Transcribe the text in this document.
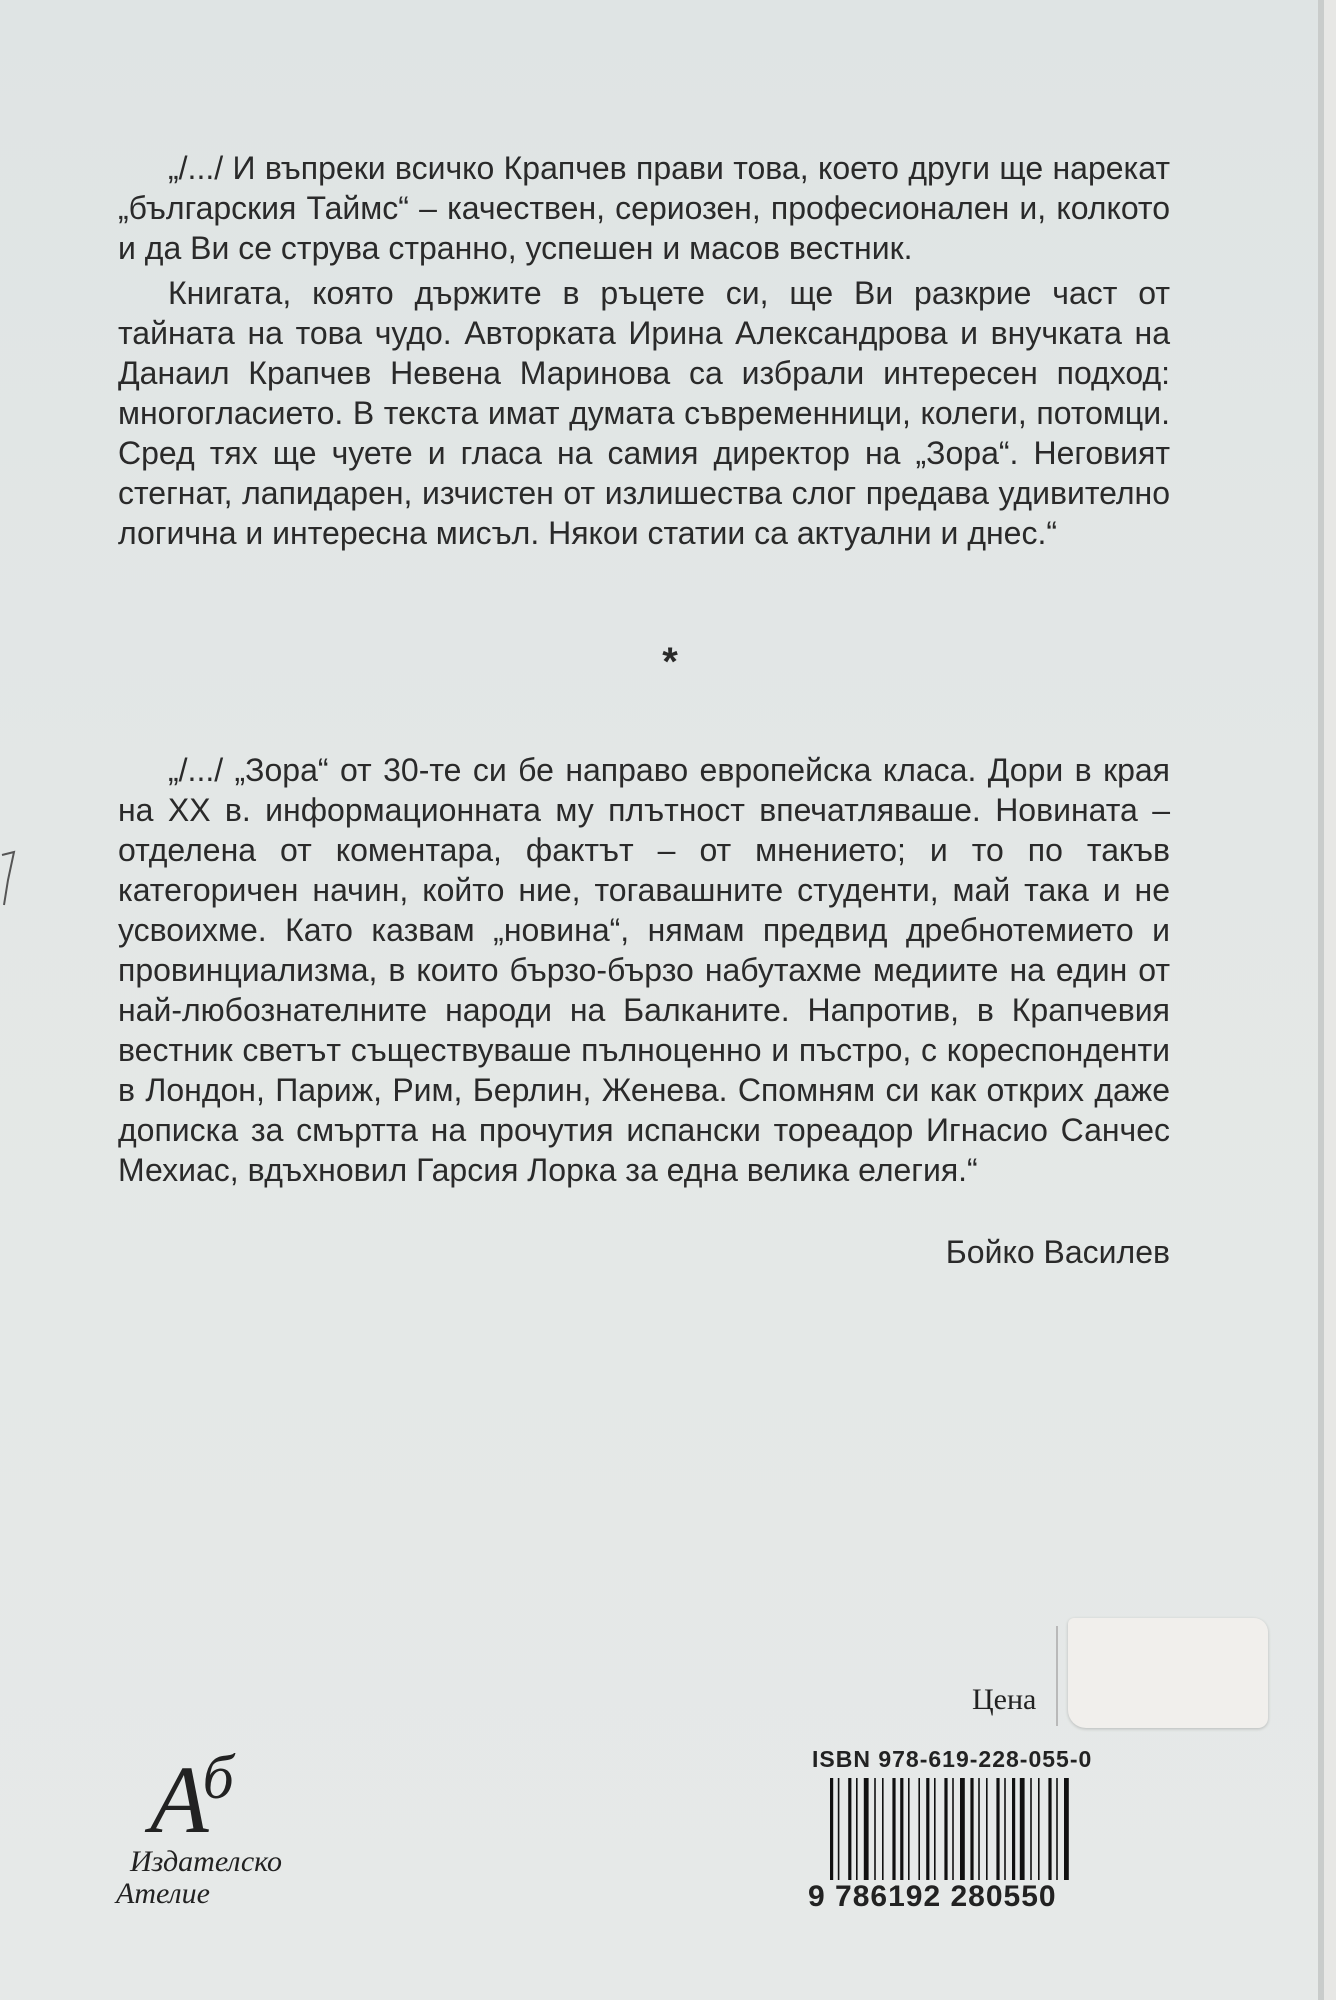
„/.../ И въпреки всичко Крапчев прави това, което други ще нарекат „българския Таймс“ – качествен, сериозен, професионален и, колкото и да Ви се струва странно, успешен и масов вестник.

Книгата, която държите в ръцете си, ще Ви разкрие част от тайната на това чудо. Авторката Ирина Александрова и внучката на Данаил Крапчев Невена Маринова са избрали интересен подход: многогласието. В текста имат думата съвременници, колеги, потомци. Сред тях ще чуете и гласа на самия директор на „Зора“. Неговият стегнат, лапидарен, изчистен от излишества слог предава удивително логична и интересна мисъл. Някои статии са актуални и днес.“

*

„/.../ „Зора“ от 30-те си бе направо европейска класа. Дори в края на XX в. информационната му плътност впечатляваше. Новината – отделена от коментара, фактът – от мнението; и то по такъв категоричен начин, който ние, тогавашните студенти, май така и не усвоихме. Като казвам „новина“, нямам предвид дребнотемието и провинциализма, в които бързо-бързо набутахме медиите на един от най-любознателните народи на Балканите. Напротив, в Крапчевия вестник светът съществуваше пълноценно и пъстро, с кореспонденти в Лондон, Париж, Рим, Берлин, Женева. Спомням си как открих даже дописка за смъртта на прочутия испански тореадор Игнасио Санчес Мехиас, вдъхновил Гарсия Лорка за една велика елегия.“

Бойко Василев
Аб
Издателско
Ателие
Цена
ISBN 978-619-228-055-0
9 786192 280550
